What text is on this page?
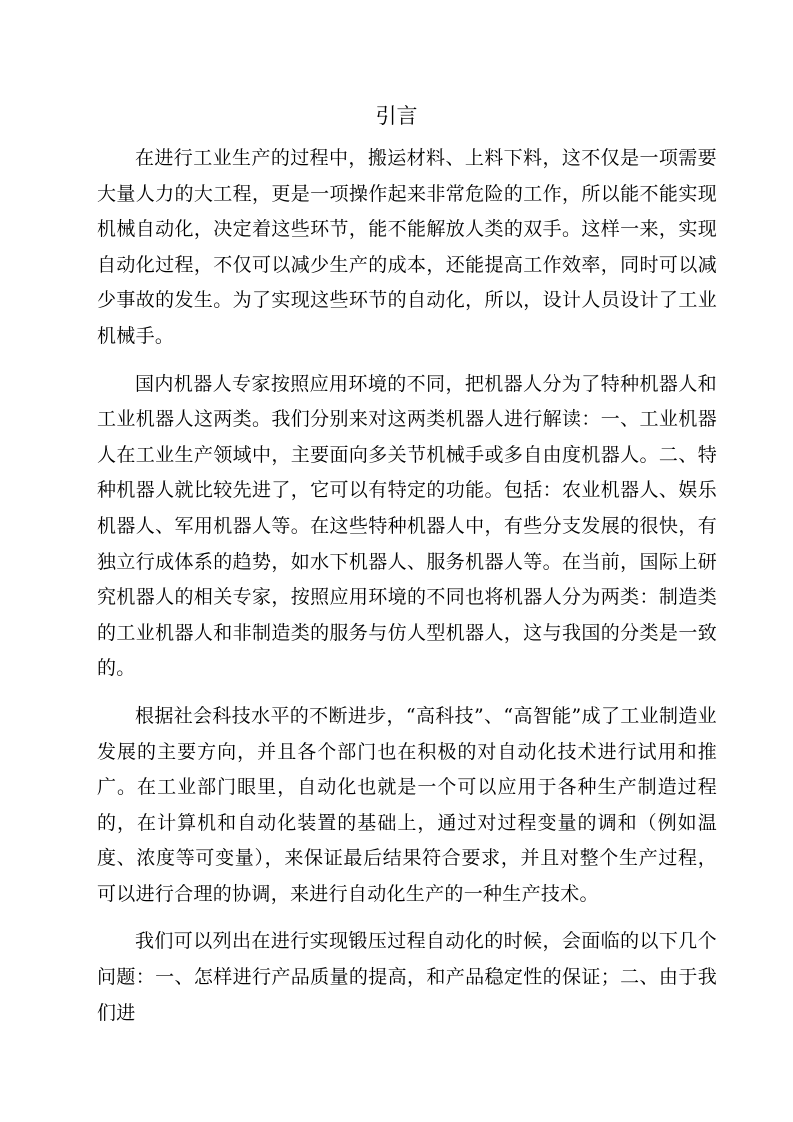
引言

在进行工业生产的过程中，搬运材料、上料下料，这不仅是一项需要大量人力的大工程，更是一项操作起来非常危险的工作，所以能不能实现机械自动化，决定着这些环节，能不能解放人类的双手。这样一来，实现自动化过程，不仅可以减少生产的成本，还能提高工作效率，同时可以减少事故的发生。为了实现这些环节的自动化，所以，设计人员设计了工业机械手。

国内机器人专家按照应用环境的不同，把机器人分为了特种机器人和工业机器人这两类。我们分别来对这两类机器人进行解读：一、工业机器人在工业生产领域中，主要面向多关节机械手或多自由度机器人。二、特种机器人就比较先进了，它可以有特定的功能。包括：农业机器人、娱乐机器人、军用机器人等。在这些特种机器人中，有些分支发展的很快，有独立行成体系的趋势，如水下机器人、服务机器人等。在当前，国际上研究机器人的相关专家，按照应用环境的不同也将机器人分为两类：制造类的工业机器人和非制造类的服务与仿人型机器人，这与我国的分类是一致的。

根据社会科技水平的不断进步，“高科技”、“高智能”成了工业制造业发展的主要方向，并且各个部门也在积极的对自动化技术进行试用和推广。在工业部门眼里，自动化也就是一个可以应用于各种生产制造过程的，在计算机和自动化装置的基础上，通过对过程变量的调和（例如温度、浓度等可变量），来保证最后结果符合要求，并且对整个生产过程，可以进行合理的协调，来进行自动化生产的一种生产技术。

我们可以列出在进行实现锻压过程自动化的时候，会面临的以下几个问题：一、怎样进行产品质量的提高，和产品稳定性的保证；二、由于我们进
